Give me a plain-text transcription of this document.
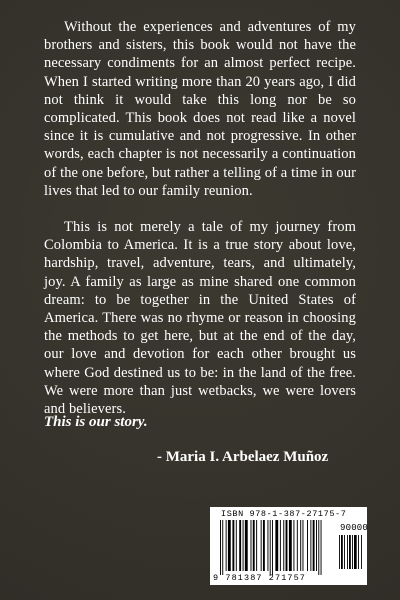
Without the experiences and adventures of my brothers and sisters, this book would not have the necessary condiments for an almost perfect recipe. When I started writing more than 20 years ago, I did not think it would take this long nor be so complicated. This book does not read like a novel since it is cumulative and not progressive. In other words, each chapter is not necessarily a continuation of the one before, but rather a telling of a time in our lives that led to our family reunion.

This is not merely a tale of my journey from Colombia to America. It is a true story about love, hardship, travel, adventure, tears, and ultimately, joy. A family as large as mine shared one common dream: to be together in the United States of America. There was no rhyme or reason in choosing the methods to get here, but at the end of the day, our love and devotion for each other brought us where God destined us to be: in the land of the free. We were more than just wetbacks, we were lovers and believers.

This is our story.
- Maria I. Arbelaez Muñoz
ISBN 978-1-387-27175-7
90000
9 781387 271757
